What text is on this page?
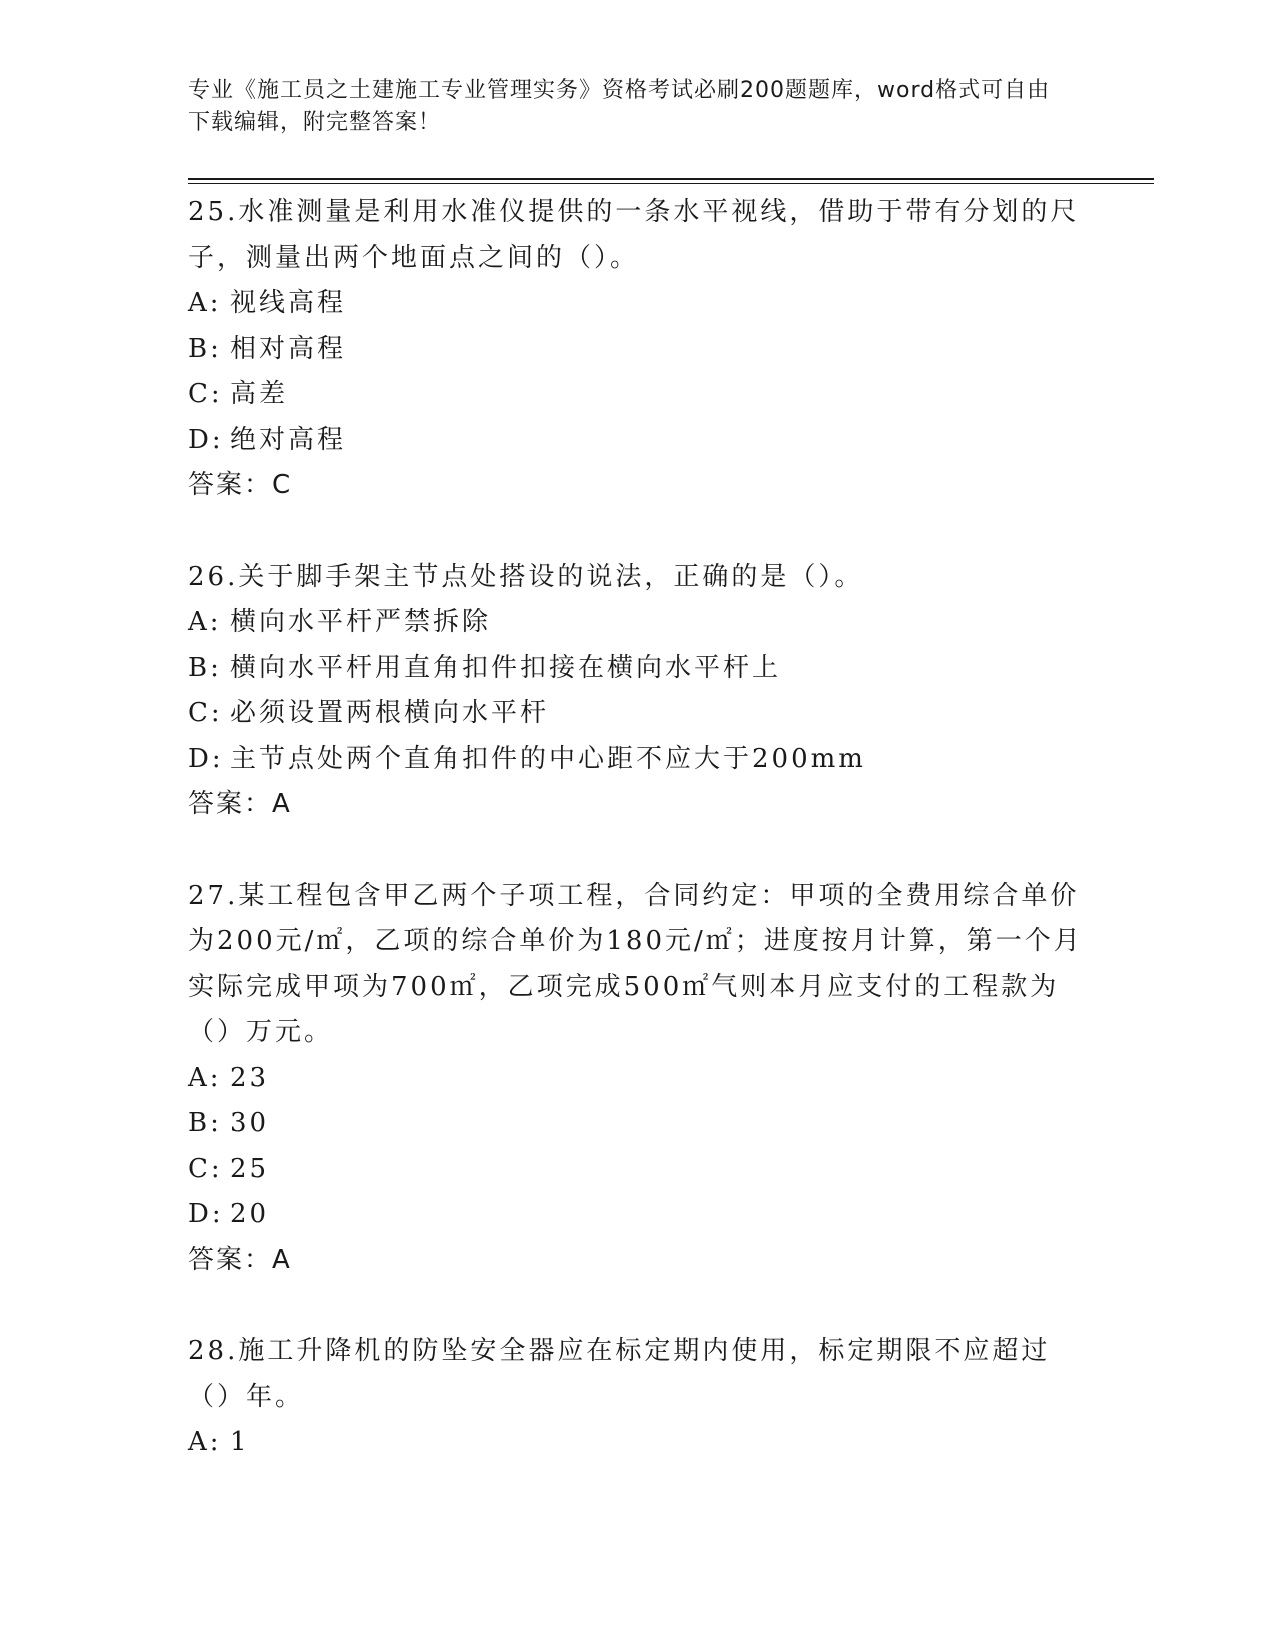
专业《施工员之土建施工专业管理实务》资格考试必刷200题题库，word格式可自由下载编辑，附完整答案！

25.水准测量是利用水准仪提供的一条水平视线，借助于带有分划的尺子，测量出两个地面点之间的（）。

A: 视线高程

B: 相对高程

C: 高差

D: 绝对高程

答案：C

26.关于脚手架主节点处搭设的说法，正确的是（）。

A: 横向水平杆严禁拆除

B: 横向水平杆用直角扣件扣接在横向水平杆上

C: 必须设置两根横向水平杆

D: 主节点处两个直角扣件的中心距不应大于200mm

答案：A

27.某工程包含甲乙两个子项工程，合同约定：甲项的全费用综合单价为200元/㎡，乙项的综合单价为180元/㎡；进度按月计算，第一个月实际完成甲项为700㎡，乙项完成500㎡气则本月应支付的工程款为（）万元。

A: 23

B: 30

C: 25

D: 20

答案：A

28.施工升降机的防坠安全器应在标定期内使用，标定期限不应超过（）年。

A: 1
